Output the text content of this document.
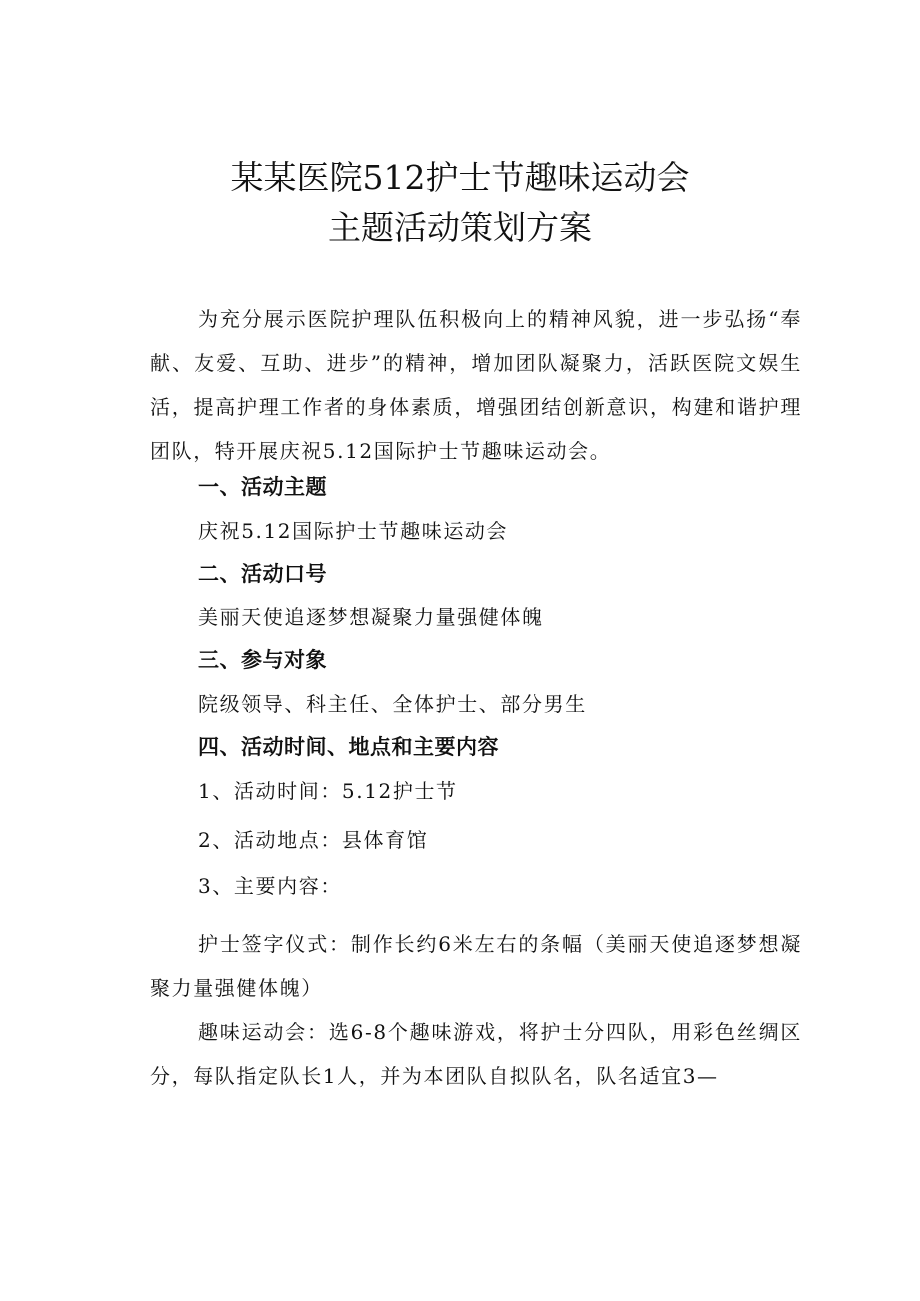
某某医院512护士节趣味运动会
主题活动策划方案

为充分展示医院护理队伍积极向上的精神风貌，进一步弘扬“奉献、友爱、互助、进步”的精神，增加团队凝聚力，活跃医院文娱生活，提高护理工作者的身体素质，增强团结创新意识，构建和谐护理团队，特开展庆祝5.12国际护士节趣味运动会。

一、活动主题

庆祝5.12国际护士节趣味运动会

二、活动口号

美丽天使追逐梦想凝聚力量强健体魄

三、参与对象

院级领导、科主任、全体护士、部分男生

四、活动时间、地点和主要内容

1、活动时间：5.12护士节

2、活动地点：县体育馆

3、主要内容：

护士签字仪式：制作长约6米左右的条幅（美丽天使追逐梦想凝聚力量强健体魄）

趣味运动会：选6-8个趣味游戏，将护士分四队，用彩色丝绸区分，每队指定队长1人，并为本团队自拟队名，队名适宜3—
